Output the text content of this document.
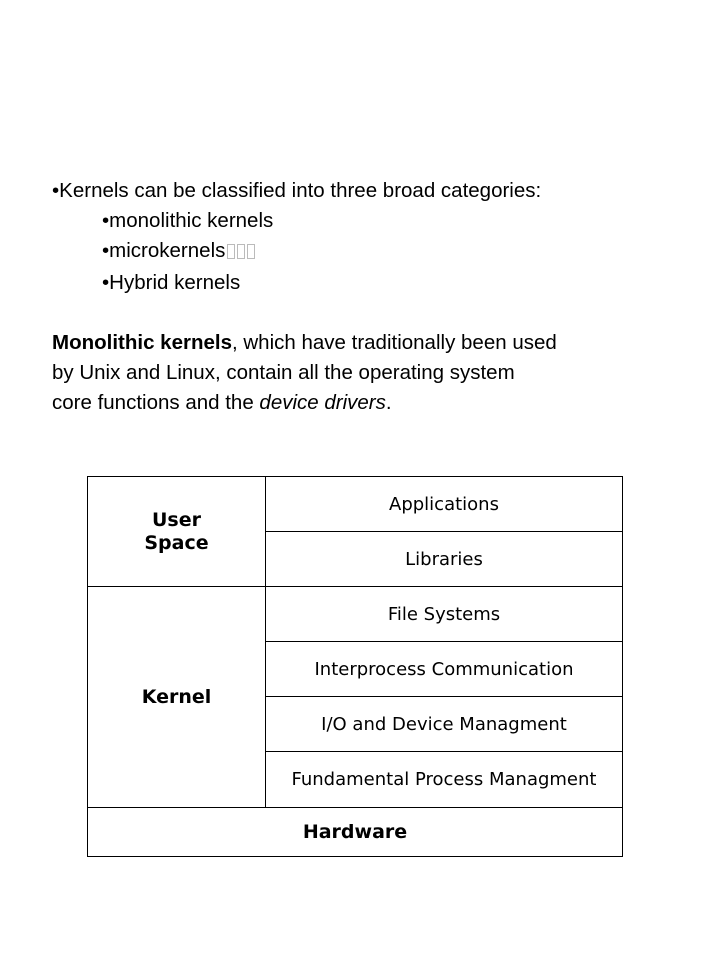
•Kernels can be classified into three broad categories:
•monolithic kernels
•microkernels
•Hybrid kernels
Monolithic kernels, which have traditionally been used
by Unix and Linux, contain all the operating system
core functions and the device drivers.
User
Space
Applications
Libraries
Kernel
File Systems
Interprocess Communication
I/O and Device Managment
Fundamental Process Managment
Hardware
